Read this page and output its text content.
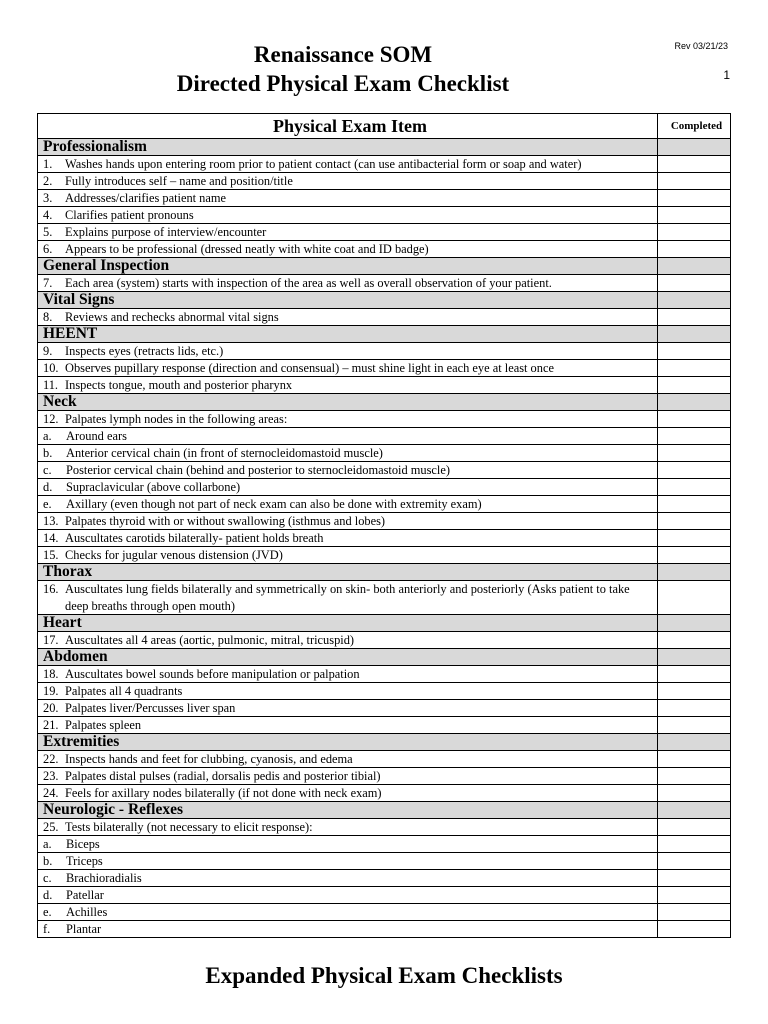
Renaissance SOM
Directed Physical Exam Checklist
Rev 03/21/23
1
Physical Exam Item	Completed
Professionalism	
1. Washes hands upon entering room prior to patient contact (can use antibacterial form or soap and water)	
2. Fully introduces self – name and position/title	
3. Addresses/clarifies patient name	
4. Clarifies patient pronouns	
5. Explains purpose of interview/encounter	
6. Appears to be professional (dressed neatly with white coat and ID badge)	
General Inspection	
7. Each area (system) starts with inspection of the area as well as overall observation of your patient.	
Vital Signs	
8. Reviews and rechecks abnormal vital signs	
HEENT	
9. Inspects eyes (retracts lids, etc.)	
10. Observes pupillary response (direction and consensual) – must shine light in each eye at least once	
11. Inspects tongue, mouth and posterior pharynx	
Neck	
12. Palpates lymph nodes in the following areas:	
a. Around ears	
b. Anterior cervical chain (in front of sternocleidomastoid muscle)	
c. Posterior cervical chain (behind and posterior to sternocleidomastoid muscle)	
d. Supraclavicular (above collarbone)	
e. Axillary (even though not part of neck exam can also be done with extremity exam)	
13. Palpates thyroid with or without swallowing (isthmus and lobes)	
14. Auscultates carotids bilaterally- patient holds breath	
15. Checks for jugular venous distension (JVD)	
Thorax	
16. Auscultates lung fields bilaterally and symmetrically on skin- both anteriorly and posteriorly (Asks patient to take deep breaths through open mouth)	
Heart	
17. Auscultates all 4 areas (aortic, pulmonic, mitral, tricuspid)	
Abdomen	
18. Auscultates bowel sounds before manipulation or palpation	
19. Palpates all 4 quadrants	
20. Palpates liver/Percusses liver span	
21. Palpates spleen	
Extremities	
22. Inspects hands and feet for clubbing, cyanosis, and edema	
23. Palpates distal pulses (radial, dorsalis pedis and posterior tibial)	
24. Feels for axillary nodes bilaterally (if not done with neck exam)	
Neurologic - Reflexes	
25. Tests bilaterally (not necessary to elicit response):	
a. Biceps	
b. Triceps	
c. Brachioradialis	
d. Patellar	
e. Achilles	
f. Plantar	
Expanded Physical Exam Checklists
